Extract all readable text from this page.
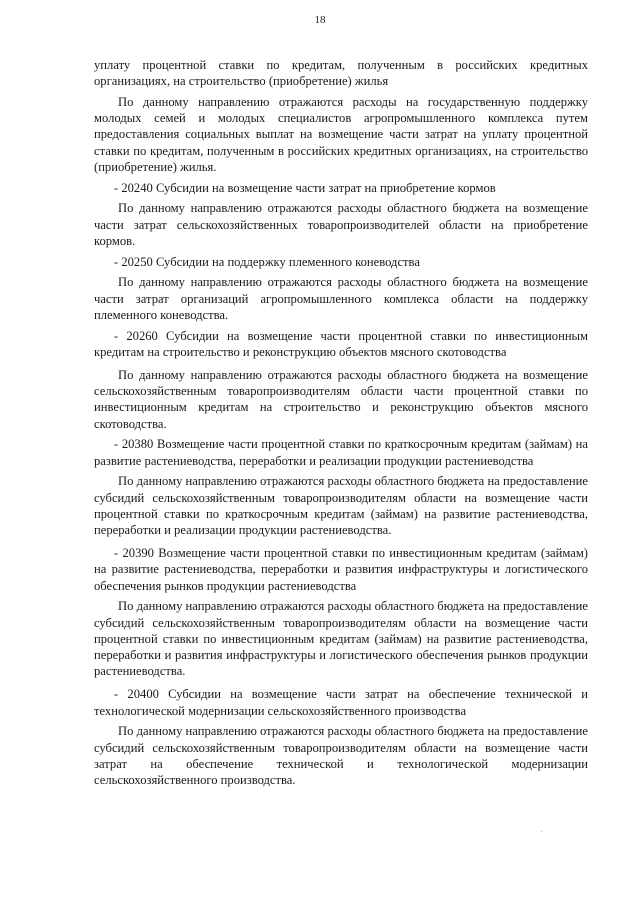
18

уплату процентной ставки по кредитам, полученным в российских кредитных организациях, на строительство (приобретение) жилья

По данному направлению отражаются расходы на государственную поддержку молодых семей и молодых специалистов агропромышленного комплекса путем предоставления социальных выплат на возмещение части затрат на уплату процентной ставки по кредитам, полученным в российских кредитных организациях, на строительство (приобретение) жилья.

- 20240 Субсидии на возмещение части затрат на приобретение кормов

По данному направлению отражаются расходы областного бюджета на возмещение части затрат сельскохозяйственных товаропроизводителей области на приобретение кормов.

- 20250 Субсидии на поддержку племенного коневодства

По данному направлению отражаются расходы областного бюджета на возмещение части затрат организаций агропромышленного комплекса области на поддержку племенного коневодства.

- 20260 Субсидии на возмещение части процентной ставки по инвестиционным кредитам на строительство и реконструкцию объектов мясного скотоводства

По данному направлению отражаются расходы областного бюджета на возмещение сельскохозяйственным товаропроизводителям области части процентной ставки по инвестиционным кредитам на строительство и реконструкцию объектов мясного скотоводства.

- 20380 Возмещение части процентной ставки по краткосрочным кредитам (займам) на развитие растениеводства, переработки и реализации продукции растениеводства

По данному направлению отражаются расходы областного бюджета на предоставление субсидий сельскохозяйственным товаропроизводителям области на возмещение части процентной ставки по краткосрочным кредитам (займам) на развитие растениеводства, переработки и реализации продукции растениеводства.

- 20390 Возмещение части процентной ставки по инвестиционным кредитам (займам) на развитие растениеводства, переработки и развития инфраструктуры и логистического обеспечения рынков продукции растениеводства

По данному направлению отражаются расходы областного бюджета на предоставление субсидий сельскохозяйственным товаропроизводителям области на возмещение части процентной ставки по инвестиционным кредитам (займам) на развитие растениеводства, переработки и развития инфраструктуры и логистического обеспечения рынков продукции растениеводства.

- 20400 Субсидии на возмещение части затрат на обеспечение технической и технологической модернизации сельскохозяйственного производства

По данному направлению отражаются расходы областного бюджета на предоставление субсидий сельскохозяйственным товаропроизводителям области на возмещение части затрат на обеспечение технической и технологической модернизации сельскохозяйственного производства.
